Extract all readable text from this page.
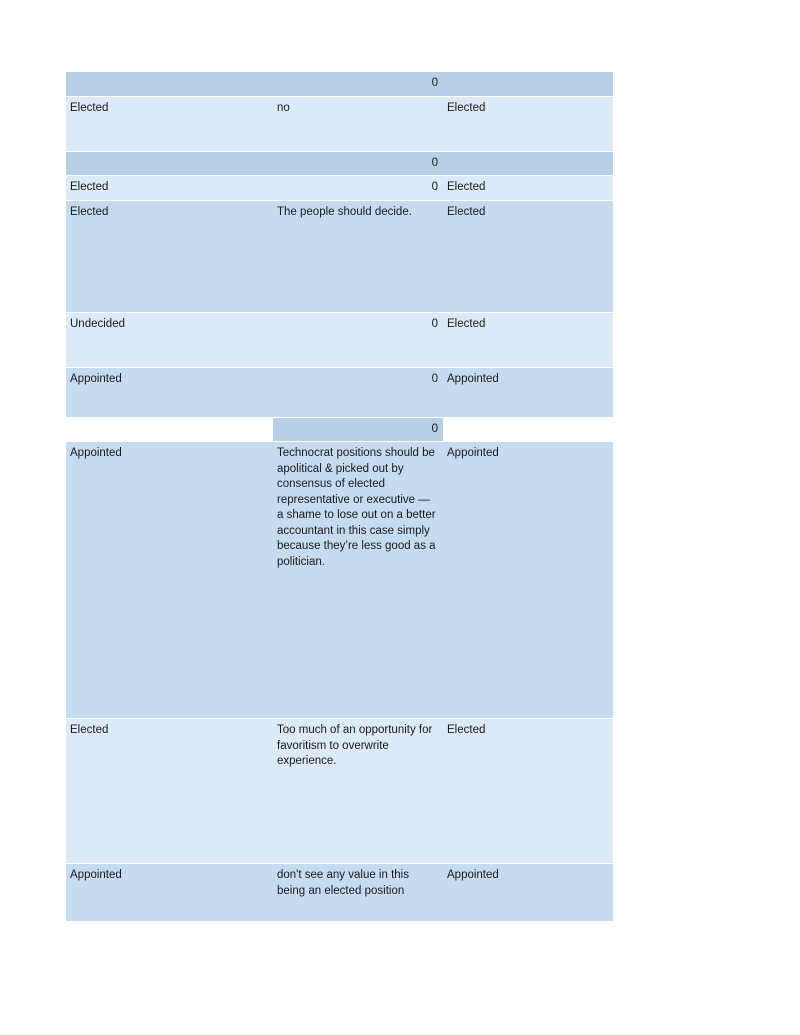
	0	
Elected	no	Elected
	0	
Elected	0	Elected
Elected	The people should decide.	Elected
Undecided	0	Elected
Appointed	0	Appointed
	0	
Appointed	Technocrat positions should be apolitical & picked out by consensus of elected representative or executive — a shame to lose out on a better accountant in this case simply because they’re less good as a politician.	Appointed
Elected	Too much of an opportunity for favoritism to overwrite experience.	Elected
Appointed	don't see any value in this being an elected position	Appointed
